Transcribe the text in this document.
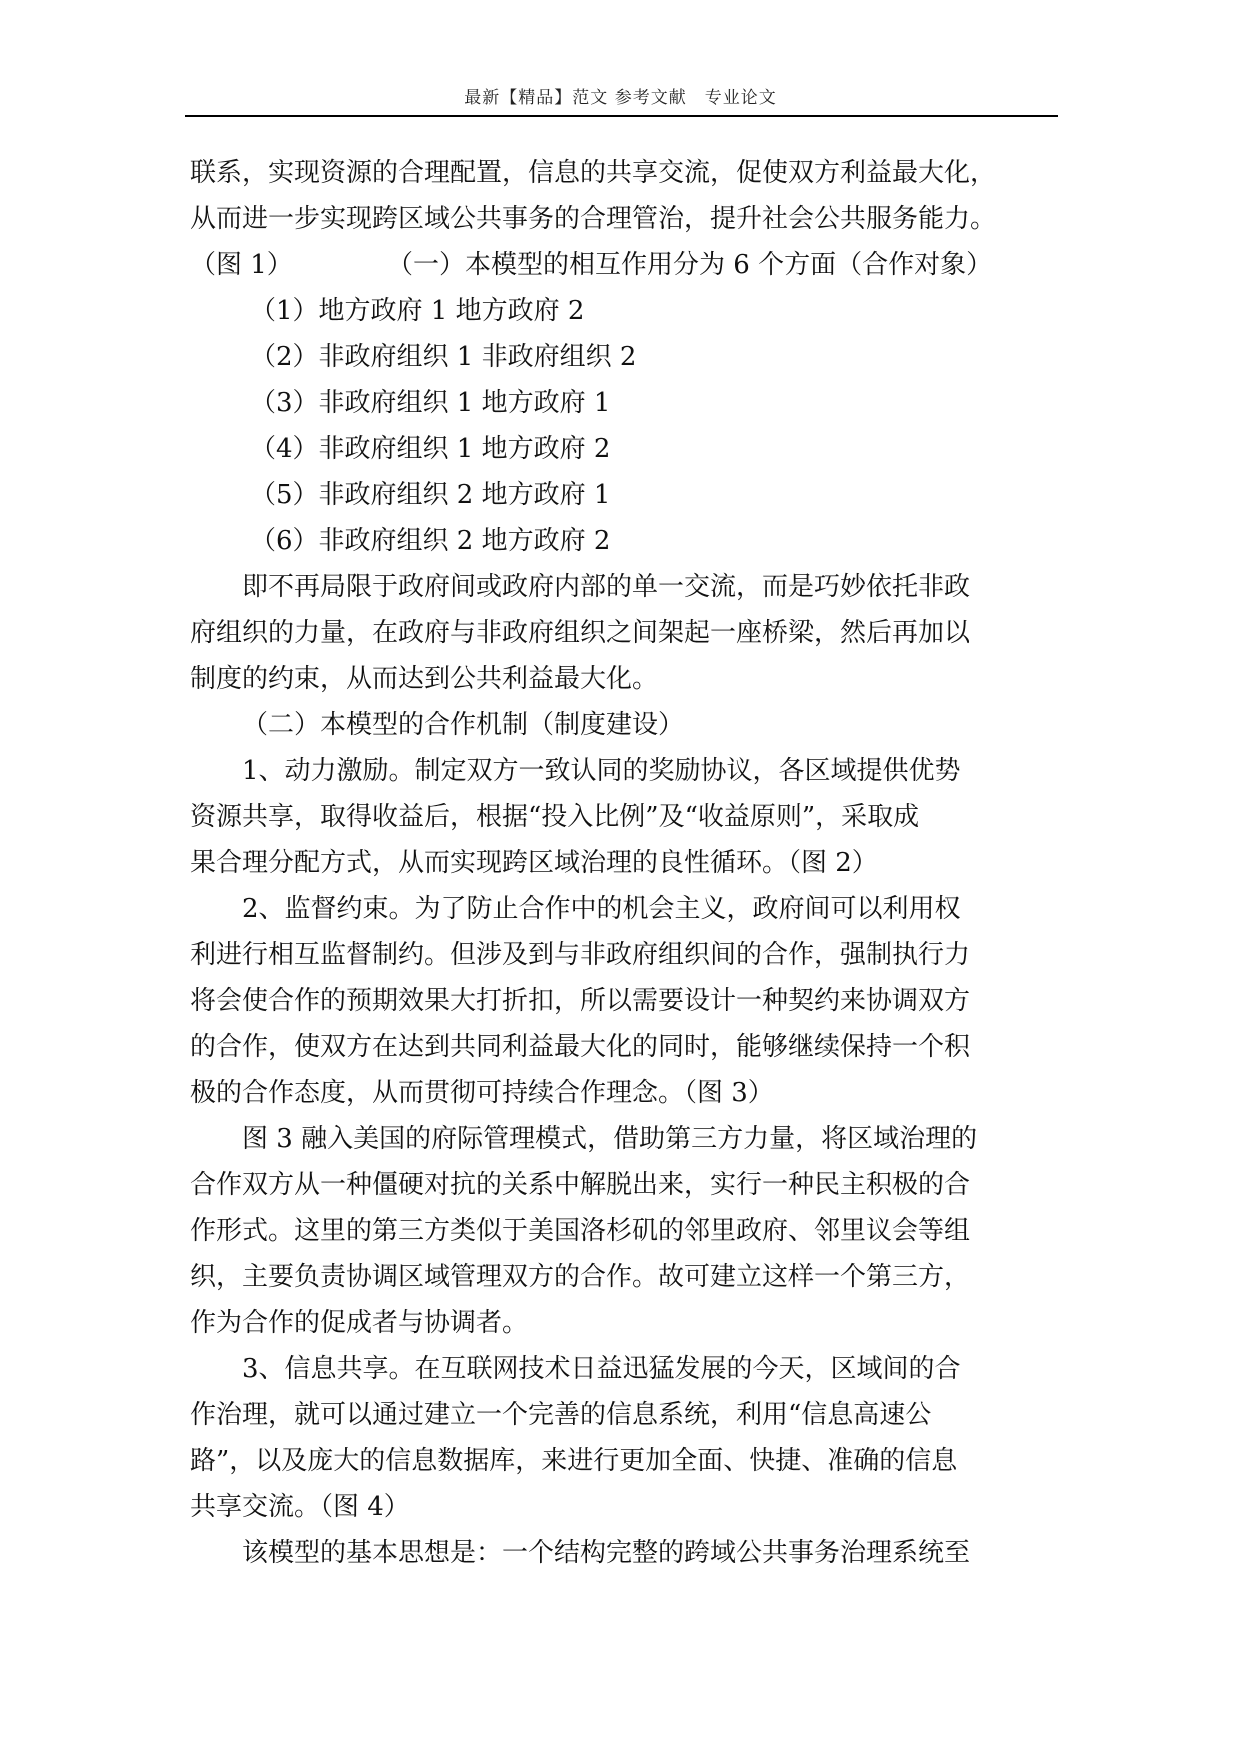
最新【精品】范文 参考文献　专业论文

联系，实现资源的合理配置，信息的共享交流，促使双方利益最大化，

从而进一步实现跨区域公共事务的合理管治，提升社会公共服务能力。

（图 1）	（一）本模型的相互作用分为 6 个方面（合作对象）

（1）地方政府 1 地方政府 2

（2）非政府组织 1 非政府组织 2

（3）非政府组织 1 地方政府 1

（4）非政府组织 1 地方政府 2

（5）非政府组织 2 地方政府 1

（6）非政府组织 2 地方政府 2

即不再局限于政府间或政府内部的单一交流，而是巧妙依托非政

府组织的力量，在政府与非政府组织之间架起一座桥梁，然后再加以

制度的约束，从而达到公共利益最大化。

（二）本模型的合作机制（制度建设）

1、动力激励。制定双方一致认同的奖励协议，各区域提供优势

资源共享，取得收益后，根据“投入比例”及“收益原则”，采取成

果合理分配方式，从而实现跨区域治理的良性循环。（图 2）

2、监督约束。为了防止合作中的机会主义，政府间可以利用权

利进行相互监督制约。但涉及到与非政府组织间的合作，强制执行力

将会使合作的预期效果大打折扣，所以需要设计一种契约来协调双方

的合作，使双方在达到共同利益最大化的同时，能够继续保持一个积

极的合作态度，从而贯彻可持续合作理念。（图 3）

图 3 融入美国的府际管理模式，借助第三方力量，将区域治理的

合作双方从一种僵硬对抗的关系中解脱出来，实行一种民主积极的合

作形式。这里的第三方类似于美国洛杉矶的邻里政府、邻里议会等组

织，主要负责协调区域管理双方的合作。故可建立这样一个第三方，

作为合作的促成者与协调者。

3、信息共享。在互联网技术日益迅猛发展的今天，区域间的合

作治理，就可以通过建立一个完善的信息系统，利用“信息高速公

路”，以及庞大的信息数据库，来进行更加全面、快捷、准确的信息

共享交流。（图 4）

该模型的基本思想是：一个结构完整的跨域公共事务治理系统至
